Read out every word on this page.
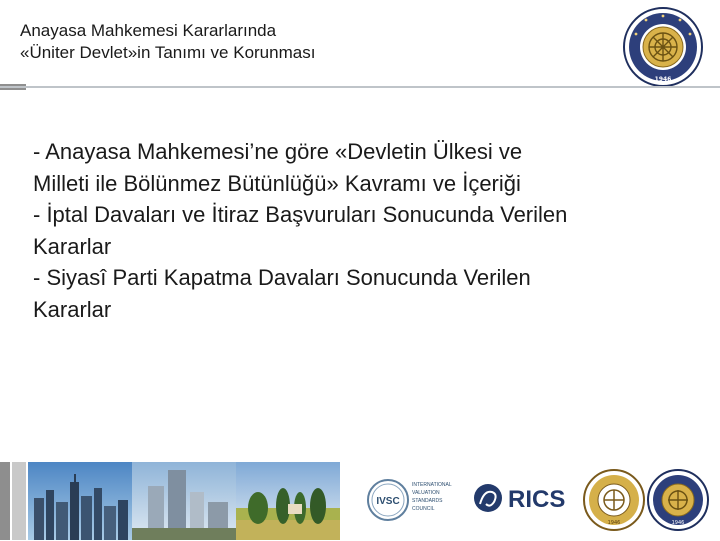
Anayasa Mahkemesi Kararlarında
«Üniter Devlet»in Tanımı ve Korunması
1946
- Anayasa Mahkemesi’ne göre «Devletin Ülkesi ve
Milleti ile Bölünmez Bütünlüğü» Kavramı ve İçeriği
- İptal Davaları ve İtiraz Başvuruları Sonucunda Verilen
Kararlar
- Siyasî Parti Kapatma Davaları Sonucunda Verilen
Kararlar
IVSC
INTERNATIONAL
VALUATION
STANDARDS
COUNCIL	RICS
1946	1946
